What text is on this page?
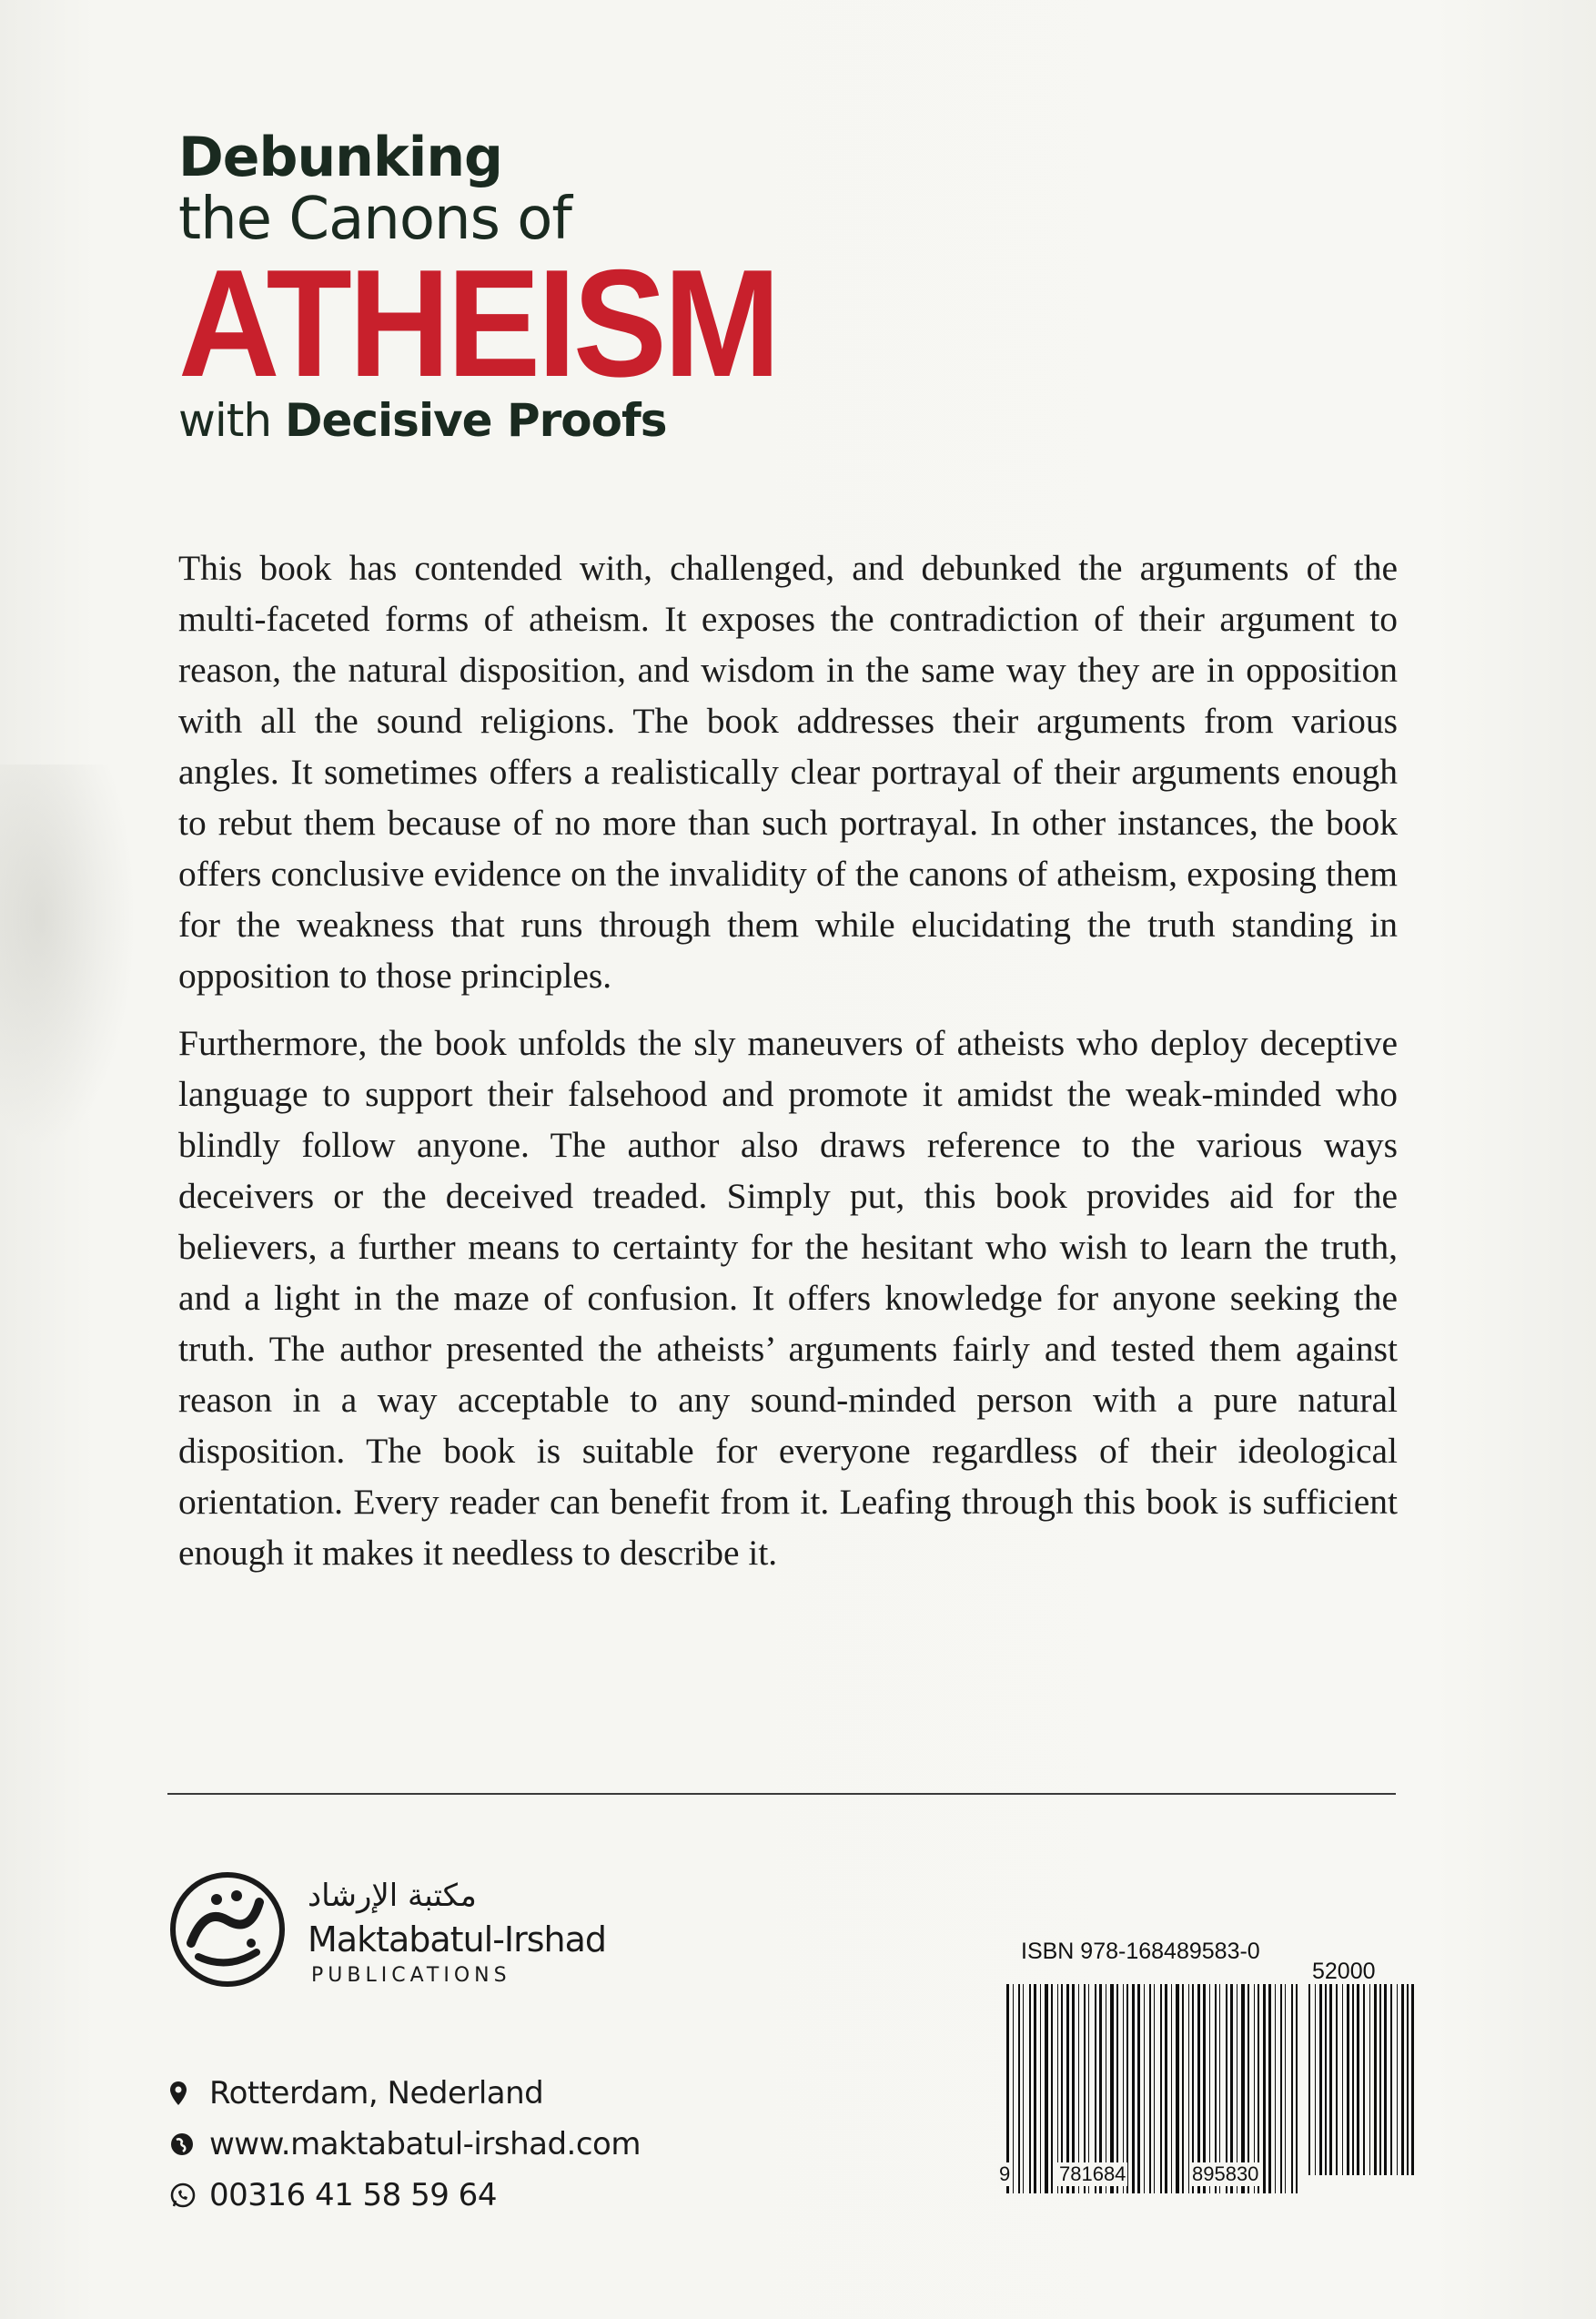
Debunking
the Canons of
ATHEISM
with Decisive Proofs

This book has contended with, challenged, and debunked the arguments of the multi-faceted forms of atheism. It exposes the contradiction of their argument to reason, the natural disposition, and wisdom in the same way they are in opposition with all the sound religions. The book addresses their arguments from various angles. It sometimes offers a realistically clear portrayal of their arguments enough to rebut them because of no more than such portrayal. In other instances, the book offers conclusive evidence on the invalidity of the canons of atheism, exposing them for the weakness that runs through them while elucidating the truth standing in opposition to those principles.

Furthermore, the book unfolds the sly maneuvers of atheists who deploy deceptive language to support their falsehood and promote it amidst the weak-minded who blindly follow anyone. The author also draws reference to the various ways deceivers or the deceived treaded. Simply put, this book provides aid for the believers, a further means to certainty for the hesitant who wish to learn the truth, and a light in the maze of confusion. It offers knowledge for anyone seeking the truth. The author presented the atheists’ arguments fairly and tested them against reason in a way acceptable to any sound-minded person with a pure natural disposition. The book is suitable for everyone regardless of their ideological orientation. Every reader can benefit from it. Leafing through this book is sufficient enough it makes it needless to describe it.

مكتبة الإرشاد
Maktabatul-Irshad
PUBLICATIONS
Rotterdam, Nederland
www.maktabatul-irshad.com
00316 41 58 59 64
ISBN 978-168489583-0
52000
9 781684	895830
